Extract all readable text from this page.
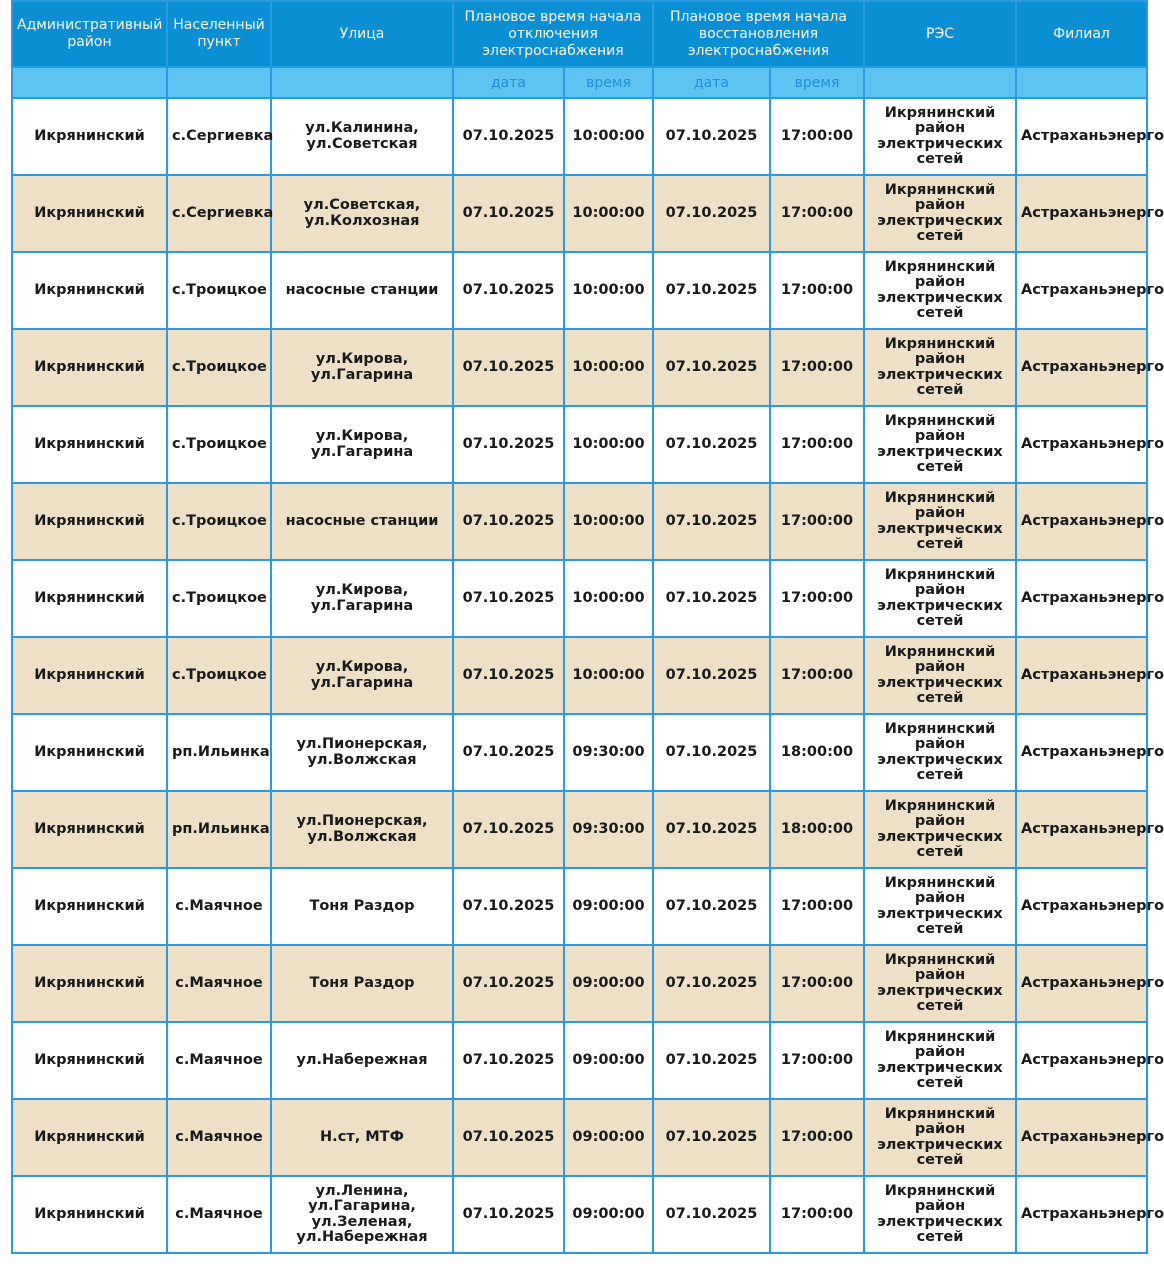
Административный район	Населенный пункт	Улица	Плановое время начала отключения электроснабжения		Плановое время начала восстановления электроснабжения		РЭС	Филиал
			дата	время	дата	время		
Икрянинский	с.Сергиевка	ул.Калинина, ул.Советская	07.10.2025	10:00:00	07.10.2025	17:00:00	Икрянинский район электрических сетей	Астраханьэнерго
Икрянинский	с.Сергиевка	ул.Советская, ул.Колхозная	07.10.2025	10:00:00	07.10.2025	17:00:00	Икрянинский район электрических сетей	Астраханьэнерго
Икрянинский	с.Троицкое	насосные станции	07.10.2025	10:00:00	07.10.2025	17:00:00	Икрянинский район электрических сетей	Астраханьэнерго
Икрянинский	с.Троицкое	ул.Кирова, ул.Гагарина	07.10.2025	10:00:00	07.10.2025	17:00:00	Икрянинский район электрических сетей	Астраханьэнерго
Икрянинский	с.Троицкое	ул.Кирова, ул.Гагарина	07.10.2025	10:00:00	07.10.2025	17:00:00	Икрянинский район электрических сетей	Астраханьэнерго
Икрянинский	с.Троицкое	насосные станции	07.10.2025	10:00:00	07.10.2025	17:00:00	Икрянинский район электрических сетей	Астраханьэнерго
Икрянинский	с.Троицкое	ул.Кирова, ул.Гагарина	07.10.2025	10:00:00	07.10.2025	17:00:00	Икрянинский район электрических сетей	Астраханьэнерго
Икрянинский	с.Троицкое	ул.Кирова, ул.Гагарина	07.10.2025	10:00:00	07.10.2025	17:00:00	Икрянинский район электрических сетей	Астраханьэнерго
Икрянинский	рп.Ильинка	ул.Пионерская, ул.Волжская	07.10.2025	09:30:00	07.10.2025	18:00:00	Икрянинский район электрических сетей	Астраханьэнерго
Икрянинский	рп.Ильинка	ул.Пионерская, ул.Волжская	07.10.2025	09:30:00	07.10.2025	18:00:00	Икрянинский район электрических сетей	Астраханьэнерго
Икрянинский	с.Маячное	Тоня Раздор	07.10.2025	09:00:00	07.10.2025	17:00:00	Икрянинский район электрических сетей	Астраханьэнерго
Икрянинский	с.Маячное	Тоня Раздор	07.10.2025	09:00:00	07.10.2025	17:00:00	Икрянинский район электрических сетей	Астраханьэнерго
Икрянинский	с.Маячное	ул.Набережная	07.10.2025	09:00:00	07.10.2025	17:00:00	Икрянинский район электрических сетей	Астраханьэнерго
Икрянинский	с.Маячное	Н.ст, МТФ	07.10.2025	09:00:00	07.10.2025	17:00:00	Икрянинский район электрических сетей	Астраханьэнерго
Икрянинский	с.Маячное	ул.Ленина, ул.Гагарина, ул.Зеленая, ул.Набережная	07.10.2025	09:00:00	07.10.2025	17:00:00	Икрянинский район электрических сетей	Астраханьэнерго
